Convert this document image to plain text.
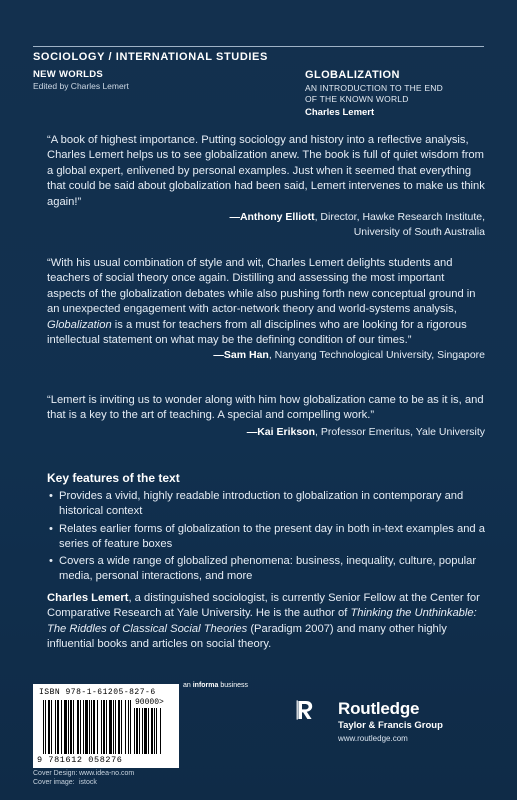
SOCIOLOGY / INTERNATIONAL STUDIES
NEW WORLDS
Edited by Charles Lemert
GLOBALIZATION
AN INTRODUCTION TO THE END
OF THE KNOWN WORLD
Charles Lemert
“A book of highest importance. Putting sociology and history into a reflective analysis, Charles Lemert helps us to see globalization anew. The book is full of quiet wisdom from a global expert, enlivened by personal examples. Just when it seemed that everything that could be said about globalization had been said, Lemert intervenes to make us think again!”
—Anthony Elliott, Director, Hawke Research Institute,
University of South Australia
“With his usual combination of style and wit, Charles Lemert delights students and teachers of social theory once again. Distilling and assessing the most important aspects of the globalization debates while also pushing forth new conceptual ground in an unexpected engagement with actor-network theory and world-systems analysis, Globalization is a must for teachers from all disciplines who are looking for a rigorous intellectual statement on what may be the defining condition of our times.”
—Sam Han, Nanyang Technological University, Singapore
“Lemert is inviting us to wonder along with him how globalization came to be as it is, and that is a key to the art of teaching. A special and compelling work.”
—Kai Erikson, Professor Emeritus, Yale University
Key features of the text
• Provides a vivid, highly readable introduction to globalization in contemporary and historical context
• Relates earlier forms of globalization to the present day in both in-text examples and a series of feature boxes
• Covers a wide range of globalized phenomena: business, inequality, culture, popular media, personal interactions, and more
Charles Lemert, a distinguished sociologist, is currently Senior Fellow at the Center for Comparative Research at Yale University. He is the author of Thinking the Unthinkable: The Riddles of Classical Social Theories (Paradigm 2007) and many other highly influential books and articles on social theory.
an informa business
ISBN 978-1-61205-827-6
90000>
9 781612 058276
Cover Design: www.idea-no.com
Cover image: istock
Routledge
Taylor & Francis Group
www.routledge.com
